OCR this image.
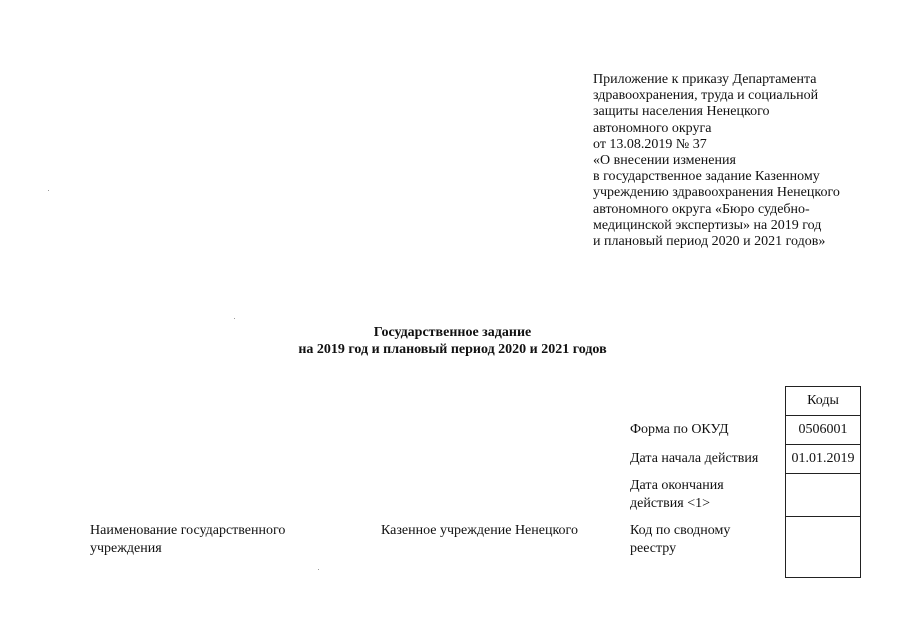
Приложение к приказу Департамента
здравоохранения, труда и социальной
защиты населения Ненецкого
автономного округа
от 13.08.2019 № 37
«О внесении изменения
в государственное задание Казенному
учреждению здравоохранения Ненецкого
автономного округа «Бюро судебно-
медицинской экспертизы» на 2019 год
и плановый период 2020 и 2021 годов»
Государственное задание
на 2019 год и плановый период 2020 и 2021 годов
Форма по ОКУД
Дата начала действия
Дата окончания
действия <1>
Код по сводному
реестру
Коды
0506001
01.01.2019
Наименование государственного
учреждения
Казенное учреждение Ненецкого
